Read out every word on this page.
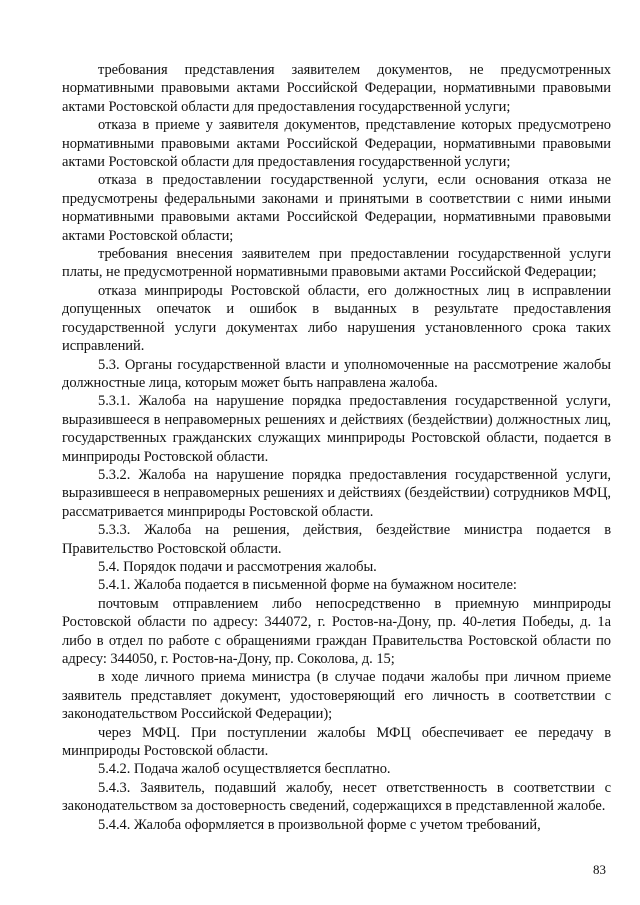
требования представления заявителем документов, не предусмотренных нормативными правовыми актами Российской Федерации, нормативными правовыми актами Ростовской области для предоставления государственной услуги;

отказа в приеме у заявителя документов, представление которых предусмотрено нормативными правовыми актами Российской Федерации, нормативными правовыми актами Ростовской области для предоставления государственной услуги;

отказа в предоставлении государственной услуги, если основания отказа не предусмотрены федеральными законами и принятыми в соответствии с ними иными нормативными правовыми актами Российской Федерации, нормативными правовыми актами Ростовской области;

требования внесения заявителем при предоставлении государственной услуги платы, не предусмотренной нормативными правовыми актами Российской Федерации;

отказа минприроды Ростовской области, его должностных лиц в исправлении допущенных опечаток и ошибок в выданных в результате предоставления государственной услуги документах либо нарушения установленного срока таких исправлений.

5.3. Органы государственной власти и уполномоченные на рассмотрение жалобы должностные лица, которым может быть направлена жалоба.

5.3.1. Жалоба на нарушение порядка предоставления государственной услуги, выразившееся в неправомерных решениях и действиях (бездействии) должностных лиц, государственных гражданских служащих минприроды Ростовской области, подается в минприроды Ростовской области.

5.3.2. Жалоба на нарушение порядка предоставления государственной услуги, выразившееся в неправомерных решениях и действиях (бездействии) сотрудников МФЦ, рассматривается минприроды Ростовской области.

5.3.3. Жалоба на решения, действия, бездействие министра подается в Правительство Ростовской области.

5.4. Порядок подачи и рассмотрения жалобы.

5.4.1. Жалоба подается в письменной форме на бумажном носителе:

почтовым отправлением либо непосредственно в приемную минприроды Ростовской области по адресу: 344072, г. Ростов-на-Дону, пр. 40-летия Победы, д. 1а либо в отдел по работе с обращениями граждан Правительства Ростовской области по адресу: 344050, г. Ростов-на-Дону, пр. Соколова, д. 15;

в ходе личного приема министра (в случае подачи жалобы при личном приеме заявитель представляет документ, удостоверяющий его личность в соответствии с законодательством Российской Федерации);

через МФЦ. При поступлении жалобы МФЦ обеспечивает ее передачу в минприроды Ростовской области.

5.4.2. Подача жалоб осуществляется бесплатно.

5.4.3. Заявитель, подавший жалобу, несет ответственность в соответствии с законодательством за достоверность сведений, содержащихся в представленной жалобе.

5.4.4. Жалоба оформляется в произвольной форме с учетом требований,

83
